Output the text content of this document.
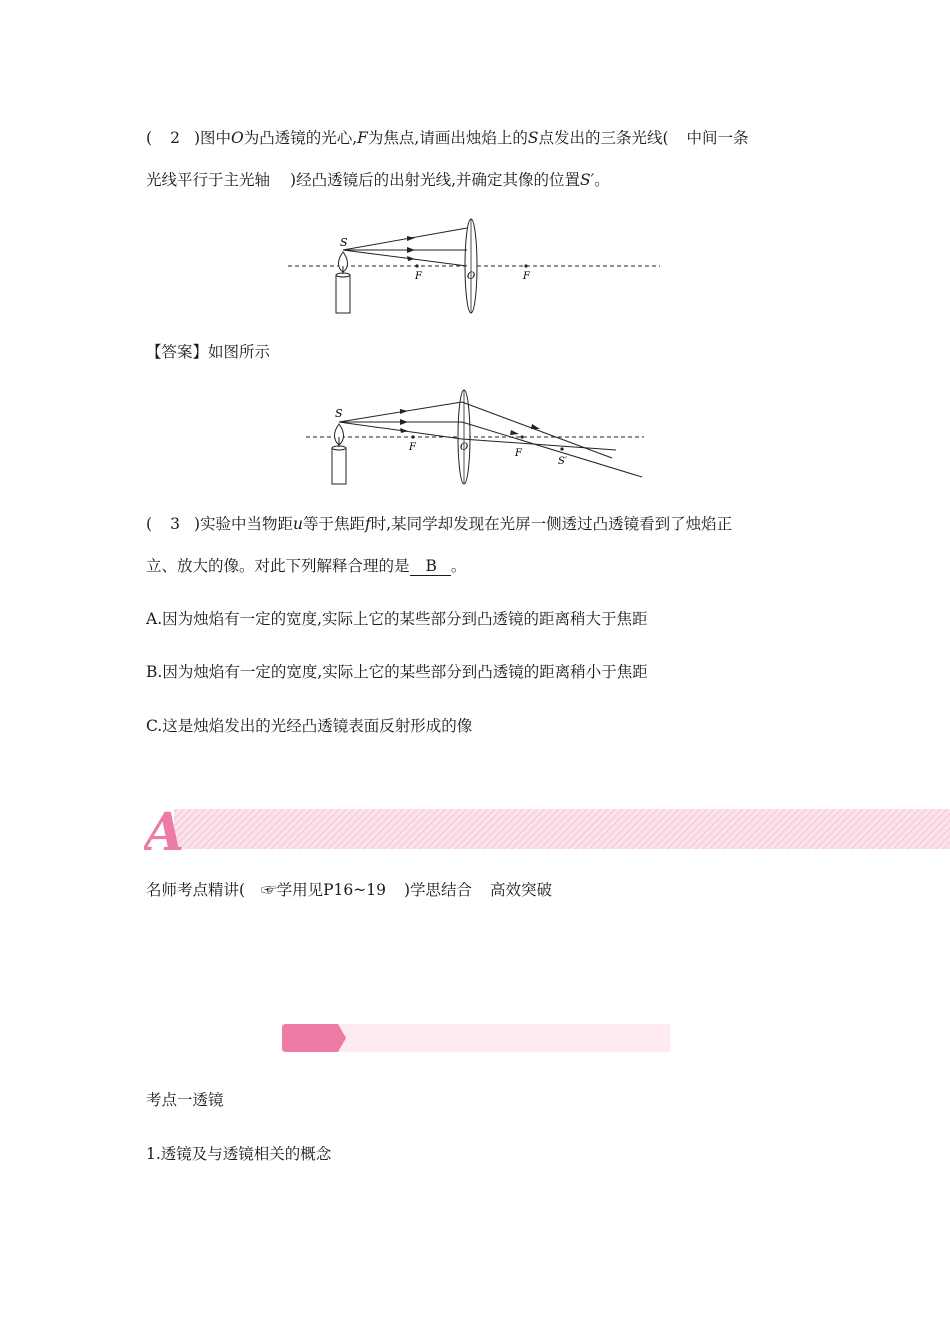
( 2 )图中O为凸透镜的光心,F为焦点,请画出烛焰上的S点发出的三条光线( 中间一条
光线平行于主光轴 )经凸透镜后的出射光线,并确定其像的位置S′。
S
F	O	F
【答案】如图所示
S
F	O
F
S′
( 3 )实验中当物距u等于焦距f时,某同学却发现在光屏一侧透过凸透镜看到了烛焰正
立、放大的像。对此下列解释合理的是 B 。
A.因为烛焰有一定的宽度,实际上它的某些部分到凸透镜的距离稍大于焦距
B.因为烛焰有一定的宽度,实际上它的某些部分到凸透镜的距离稍小于焦距
C.这是烛焰发出的光经凸透镜表面反射形成的像
A
名师考点精讲( ☞学用见P16~19 )学思结合 高效突破
考点一透镜
1.透镜及与透镜相关的概念
